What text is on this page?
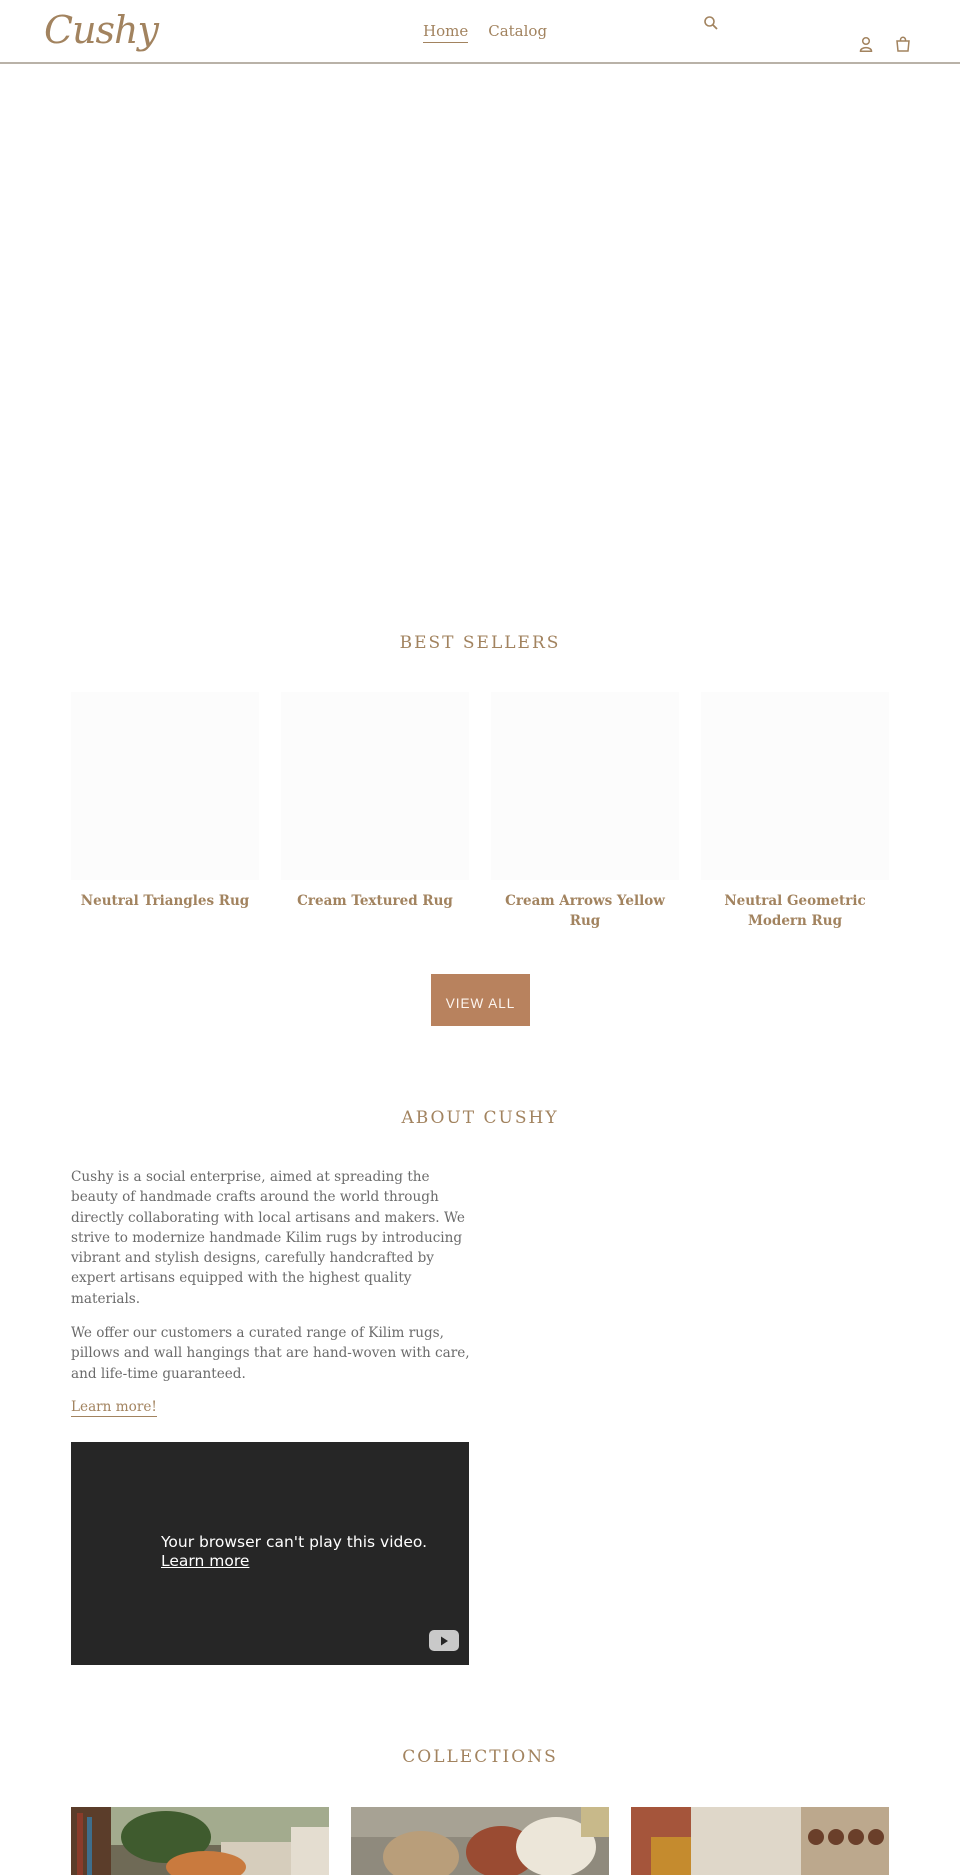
Cushy	Home Catalog
BEST SELLERS
Neutral Triangles Rug	Cream Textured Rug	Cream Arrows Yellow Rug
Neutral Geometric Modern Rug
VIEW ALL
ABOUT CUSHY

Cushy is a social enterprise, aimed at spreading the beauty of handmade crafts around the world through directly collaborating with local artisans and makers. We strive to modernize handmade Kilim rugs by introducing vibrant and stylish designs, carefully handcrafted by expert artisans equipped with the highest quality materials.

We offer our customers a curated range of Kilim rugs, pillows and wall hangings that are hand-woven with care, and life-time guaranteed.

Learn more!
Your browser can't play this video.
Learn more
COLLECTIONS
